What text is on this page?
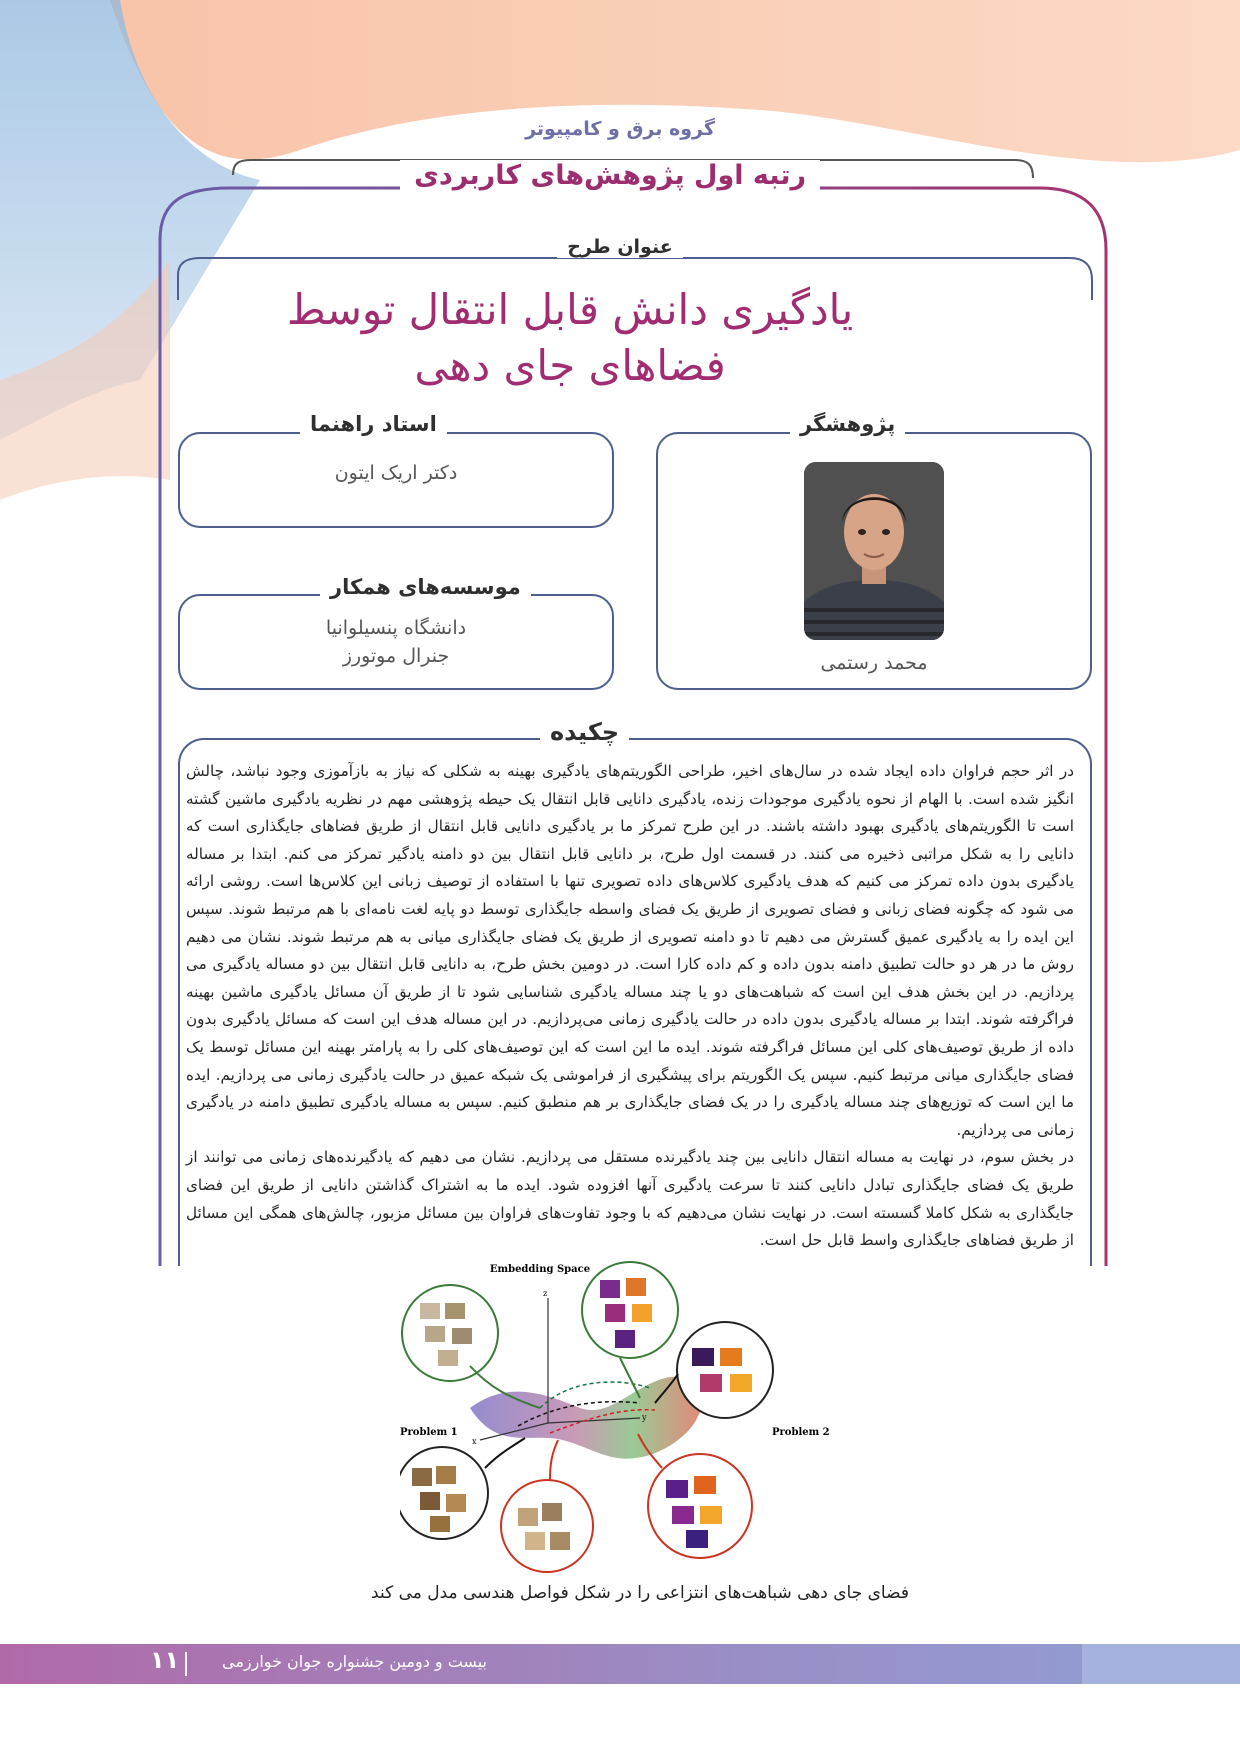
گروه برق و کامپیوتر
رتبه اول پژوهش‌های کاربردی
عنوان طرح
یادگیری دانش قابل انتقال توسط
فضاهای جای دهی
استاد راهنما
موسسه‌های همکار
پژوهشگر
چکیده
دکتر اریک ایتون
دانشگاه پنسیلوانیا
جنرال موتورز	محمد رستمی

در اثر حجم فراوان داده ایجاد شده در سال‌های اخیر، طراحی الگوریتم‌های یادگیری بهینه به شکلی که نیاز به بازآموزی وجود نباشد، چالش انگیز شده است. با الهام از نحوه یادگیری موجودات زنده، یادگیری دانایی قابل انتقال یک حیطه پژوهشی مهم در نظریه یادگیری ماشین گشته است تا الگوریتم‌های یادگیری بهبود داشته باشند. در این طرح تمرکز ما بر یادگیری دانایی قابل انتقال از طریق فضاهای جایگذاری است که دانایی را به شکل مراتبی ذخیره می کنند. در قسمت اول طرح، بر دانایی قابل انتقال بین دو دامنه یادگیر تمرکز می کنم. ابتدا بر مساله یادگیری بدون داده تمرکز می کنیم که هدف یادگیری کلاس‌های داده تصویری تنها با استفاده از توصیف زبانی این کلاس‌ها است. روشی ارائه می شود که چگونه فضای زبانی و فضای تصویری از طریق یک فضای واسطه جایگذاری توسط دو پایه لغت نامه‌ای با هم مرتبط شوند. سپس این ایده را به یادگیری عمیق گسترش می دهیم تا دو دامنه تصویری از طریق یک فضای جایگذاری میانی به هم مرتبط شوند. نشان می دهیم روش ما در هر دو حالت تطبیق دامنه بدون داده و کم داده کارا است. در دومین بخش طرح، به دانایی قابل انتقال بین دو مساله یادگیری می پردازیم. در این بخش هدف این است که شباهت‌های دو یا چند مساله یادگیری شناسایی شود تا از طریق آن مسائل یادگیری ماشین بهینه فراگرفته شوند. ابتدا بر مساله یادگیری بدون داده در حالت یادگیری زمانی می‌پردازیم. در این مساله هدف این است که مسائل یادگیری بدون داده از طریق توصیف‌های کلی این مسائل فراگرفته شوند. ایده ما این است که این توصیف‌های کلی را به پارامتر بهینه این مسائل توسط یک فضای جایگذاری میانی مرتبط کنیم. سپس یک الگوریتم برای پیشگیری از فراموشی یک شبکه عمیق در حالت یادگیری زمانی می پردازیم. ایده ما این است که توزیع‌های چند مساله یادگیری را در یک فضای جایگذاری بر هم منطبق کنیم. سپس به مساله یادگیری تطبیق دامنه در یادگیری زمانی می پردازیم.

در بخش سوم، در نهایت به مساله انتقال دانایی بین چند یادگیرنده مستقل می پردازیم. نشان می دهیم که یادگیرنده‌های زمانی می توانند از طریق یک فضای جایگذاری تبادل دانایی کنند تا سرعت یادگیری آنها افزوده شود. ایده ما به اشتراک گذاشتن دانایی از طریق این فضای جایگذاری به شکل کاملا گسسته است. در نهایت نشان می‌دهیم که با وجود تفاوت‌های فراوان بین مسائل مزبور، چالش‌های همگی این مسائل از طریق فضاهای جایگذاری واسط قابل حل است.

z
x
y
Embedding Space
Problem 1	Problem 2
فضای جای دهی شباهت‌های انتزاعی را در شکل فواصل هندسی مدل می کند
۱۱	بیست و دومین جشنواره جوان خوارزمی
